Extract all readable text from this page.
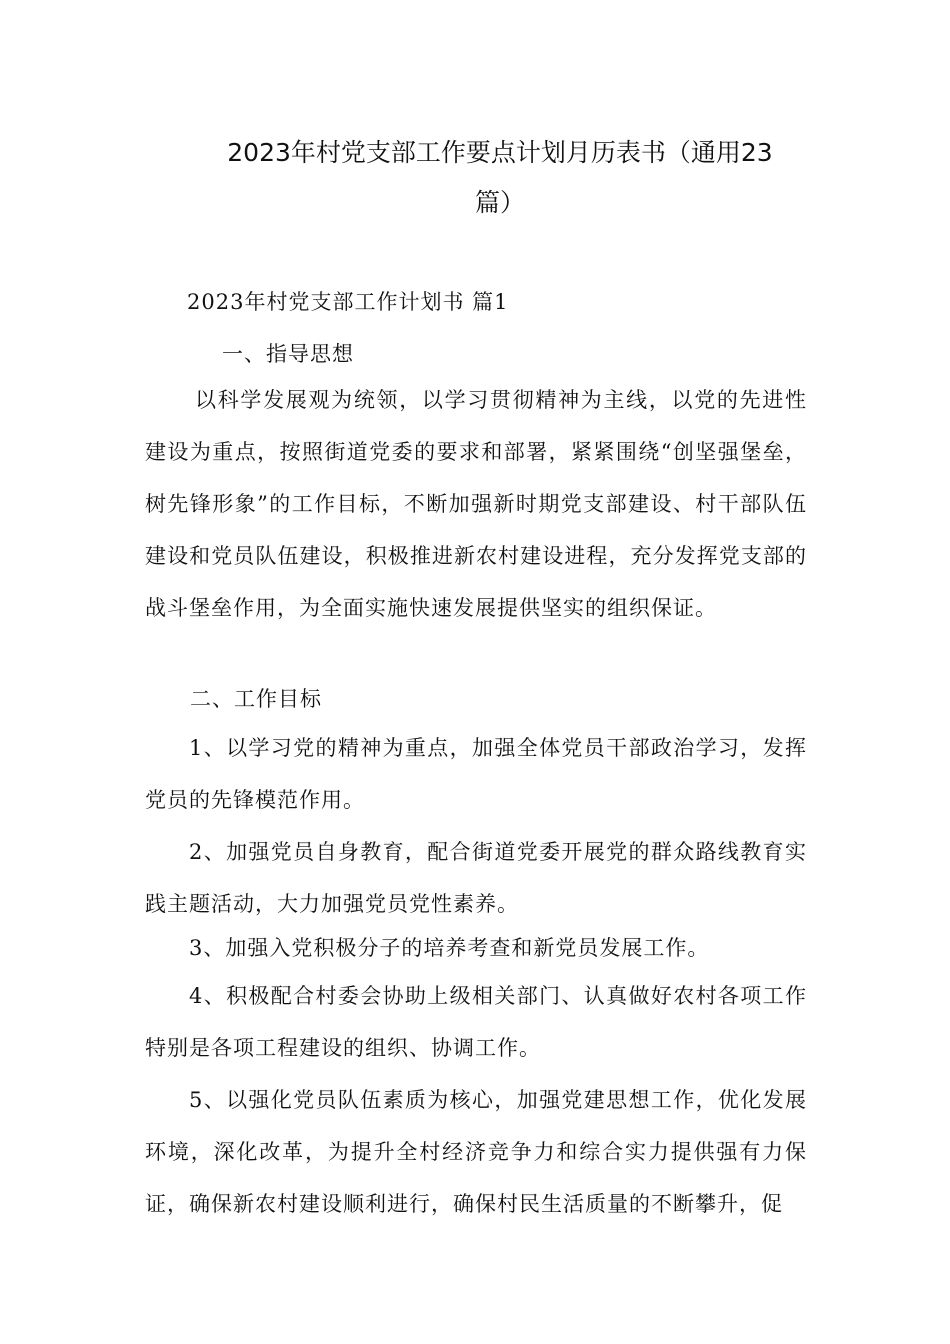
2023年村党支部工作要点计划月历表书（通用23
篇）

2023年村党支部工作计划书 篇1

一、指导思想

以科学发展观为统领，以学习贯彻精神为主线，以党的先进性建设为重点，按照街道党委的要求和部署，紧紧围绕“创坚强堡垒，树先锋形象”的工作目标，不断加强新时期党支部建设、村干部队伍建设和党员队伍建设，积极推进新农村建设进程，充分发挥党支部的战斗堡垒作用，为全面实施快速发展提供坚实的组织保证。

二、工作目标

1、以学习党的精神为重点，加强全体党员干部政治学习，发挥党员的先锋模范作用。

2、加强党员自身教育，配合街道党委开展党的群众路线教育实践主题活动，大力加强党员党性素养。

3、加强入党积极分子的培养考查和新党员发展工作。

4、积极配合村委会协助上级相关部门、认真做好农村各项工作特别是各项工程建设的组织、协调工作。

5、以强化党员队伍素质为核心，加强党建思想工作，优化发展环境，深化改革，为提升全村经济竞争力和综合实力提供强有力保证，确保新农村建设顺利进行，确保村民生活质量的不断攀升，促
